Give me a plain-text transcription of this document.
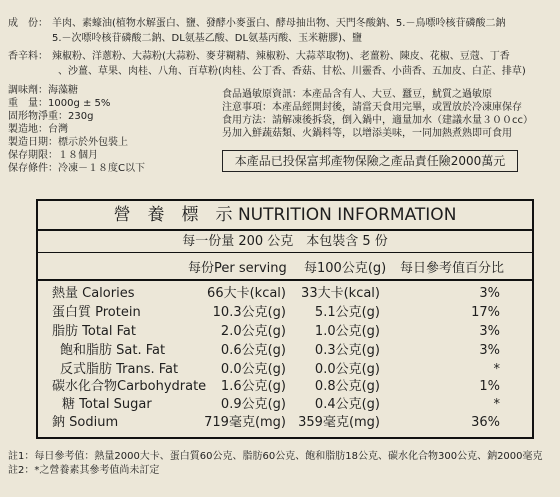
成　份： 羊肉、素蠔油(植物水解蛋白、鹽、發酵小麥蛋白、酵母抽出物、天門冬酸鈉、5.－鳥嘌呤核苷磷酸二鈉
5.－次嘌呤核苷磷酸二鈉、DL氨基乙酸、DL氨基丙酸、玉米糖膠)、鹽
香辛料： 辣椒粉、洋蔥粉、大蒜粉(大蒜粉、麥芽糊精、辣椒粉、大蒜萃取物)、老薑粉、陳皮、花椒、豆蔻、丁香
、沙薑、草果、肉桂、八角、百草粉(肉桂、公丁香、香菇、甘松、川靈香、小茴香、五加皮、白芷、排草)
調味劑：海藻糖
重　量：1000g ± 5%
固形物淨重：230g
製造地：台灣
製造日期：標示於外包裝上
保存期限：１８個月
保存條件：冷凍－１８度C以下
食品過敏原資訊：本產品含有人、大豆、蠶豆，魷質之過敏原
注意事項：本產品經開封後，請當天食用完畢，或置放於冷凍庫保存
食用方法：請解凍後拆袋，倒入鍋中，適量加水（建議水量３００cc）
另加入鮮蔬菇類、火鍋料等，以增添美味，一同加熱煮熟即可食用
本產品已投保富邦產物保險之產品責任險2000萬元
營　養　標　示 NUTRITION INFORMATION
每一份量 200 公克　本包裝含 5 份
每份Per serving 每100公克(g) 每日參考值百分比
熱量 Calories	66大卡(kcal)	33大卡(kcal)	3%
蛋白質 Protein	10.3公克(g)	5.1公克(g)	17%
脂肪 Total Fat	2.0公克(g)	1.0公克(g)	3%
飽和脂肪 Sat. Fat	0.6公克(g)	0.3公克(g)	3%
反式脂肪 Trans. Fat	0.0公克(g)	0.0公克(g)	*
碳水化合物Carbohydrate	1.6公克(g)	0.8公克(g)	1%
糖 Total Sugar	0.9公克(g)	0.4公克(g)	*
鈉 Sodium	719毫克(mg) 359毫克(mg)	36%
註1：每日參考值：熱量2000大卡、蛋白質60公克、脂肪60公克、飽和脂肪18公克、碳水化合物300公克、鈉2000毫克
註2：*之營養素其參考值尚未訂定
